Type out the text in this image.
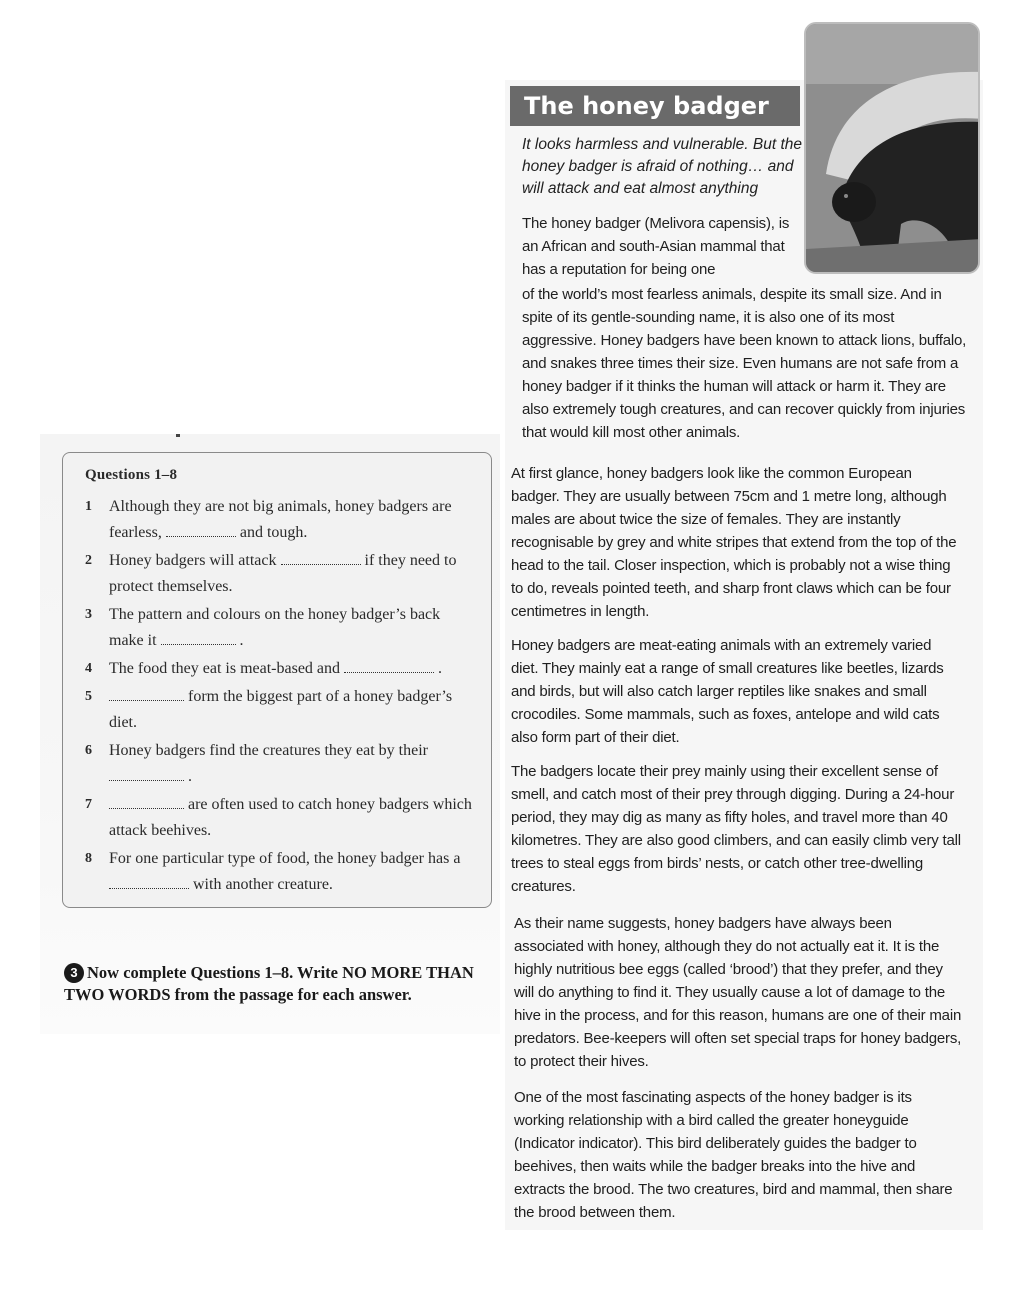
Questions 1–8
1	Although they are not big animals, honey badgers are fearless,	and tough.
2	Honey badgers will attack	if they need to protect themselves.
3	The pattern and colours on the honey badger’s back make it	.
4	The food they eat is meat-based and	.
5	form the biggest part of a honey badger’s diet.
6	Honey badgers find the creatures they eat by their  .
7	are often used to catch honey badgers which attack beehives.
8	For one particular type of food, the honey badger has a  with another creature.
3 Now complete Questions 1–8. Write NO MORE THAN TWO WORDS from the passage for each answer.
The honey badger
It looks harmless and vulnerable. But the honey badger is afraid of nothing… and will attack and eat almost anything
The honey badger (Melivora capensis), is an African and south-Asian mammal that has a reputation for being one
of the world’s most fearless animals, despite its small size. And in spite of its gentle-sounding name, it is also one of its most aggressive. Honey badgers have been known to attack lions, buffalo, and snakes three times their size. Even humans are not safe from a honey badger if it thinks the human will attack or harm it. They are also extremely tough creatures, and can recover quickly from injuries that would kill most other animals.
At first glance, honey badgers look like the common European badger. They are usually between 75cm and 1 metre long, although males are about twice the size of females. They are instantly recognisable by grey and white stripes that extend from the top of the head to the tail. Closer inspection, which is probably not a wise thing to do, reveals pointed teeth, and sharp front claws which can be four centimetres in length.
Honey badgers are meat-eating animals with an extremely varied diet. They mainly eat a range of small creatures like beetles, lizards and birds, but will also catch larger reptiles like snakes and small crocodiles. Some mammals, such as foxes, antelope and wild cats also form part of their diet.
The badgers locate their prey mainly using their excellent sense of smell, and catch most of their prey through digging. During a 24-hour period, they may dig as many as fifty holes, and travel more than 40 kilometres. They are also good climbers, and can easily climb very tall trees to steal eggs from birds’ nests, or catch other tree-dwelling creatures.
As their name suggests, honey badgers have always been associated with honey, although they do not actually eat it. It is the highly nutritious bee eggs (called ‘brood’) that they prefer, and they will do anything to find it. They usually cause a lot of damage to the hive in the process, and for this reason, humans are one of their main predators. Bee-keepers will often set special traps for honey badgers, to protect their hives.
One of the most fascinating aspects of the honey badger is its working relationship with a bird called the greater honeyguide (Indicator indicator). This bird deliberately guides the badger to beehives, then waits while the badger breaks into the hive and extracts the brood. The two creatures, bird and mammal, then share the brood between them.
